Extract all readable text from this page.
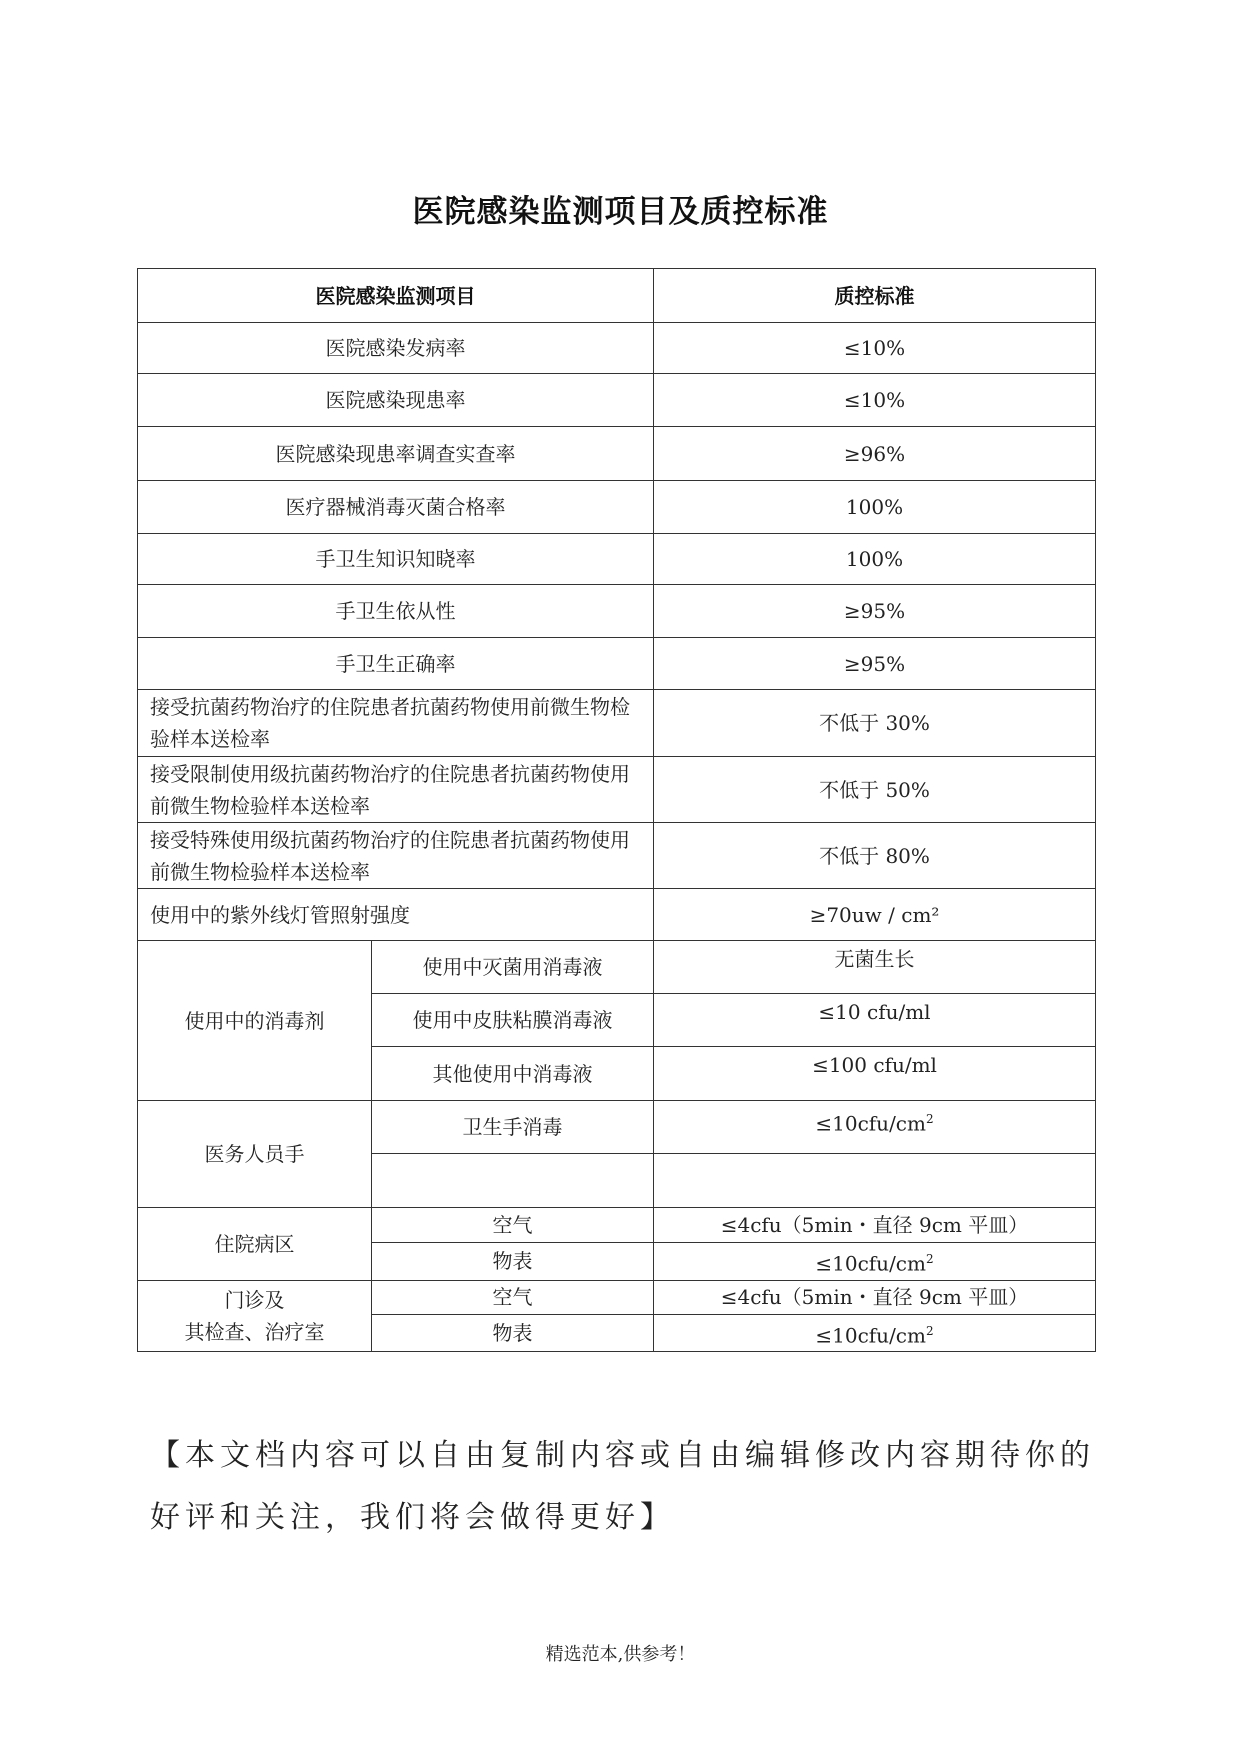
医院感染监测项目及质控标准
医院感染监测项目		质控标准
医院感染发病率		≤10%
医院感染现患率		≤10%
医院感染现患率调查实查率		≥96%
医疗器械消毒灭菌合格率		100%
手卫生知识知晓率		100%
手卫生依从性		≥95%
手卫生正确率		≥95%
接受抗菌药物治疗的住院患者抗菌药物使用前微生物检验样本送检率		不低于 30%
接受限制使用级抗菌药物治疗的住院患者抗菌药物使用前微生物检验样本送检率		不低于 50%
接受特殊使用级抗菌药物治疗的住院患者抗菌药物使用前微生物检验样本送检率		不低于 80%
使用中的紫外线灯管照射强度		≥70uw / cm²
使用中的消毒剂	使用中灭菌用消毒液	无菌生长
	使用中皮肤粘膜消毒液	≤10 cfu/ml
	其他使用中消毒液	≤100 cfu/ml
医务人员手	卫生手消毒	$\le 10cfu/cm^2$

住院病区	空气	≤4cfu（5min・直径 9cm 平皿）
	物表	$\le 10cfu/cm^2$

门诊及
其检查、治疗室	空气	≤4cfu（5min・直径 9cm 平皿）
	物表	$\le 10cfu/cm^2$
【本文档内容可以自由复制内容或自由编辑修改内容期待你的好评和关注，我们将会做得更好】
精选范本,供参考！
